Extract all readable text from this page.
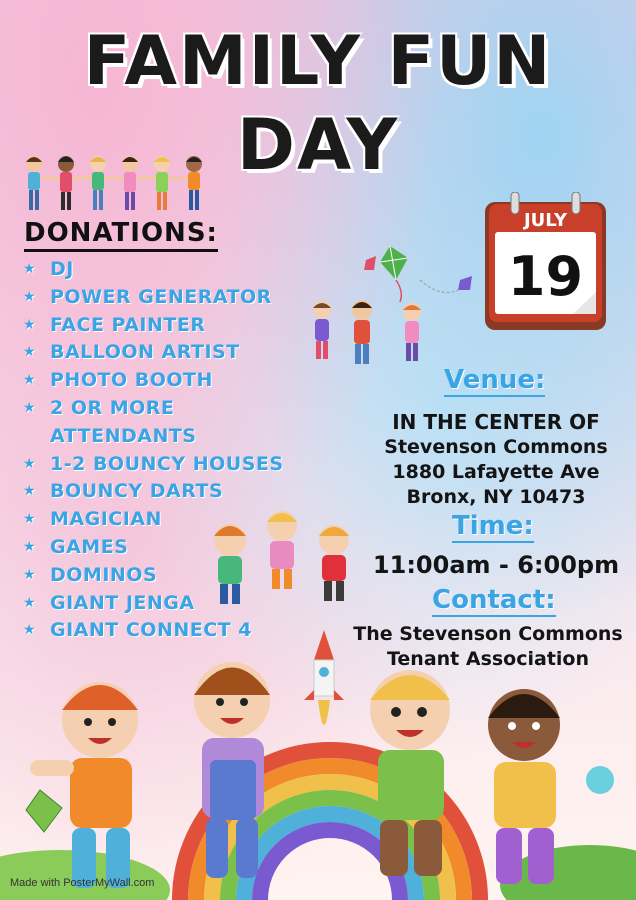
FAMILY FUN
DAY
DONATIONS:
★ DJ
★ POWER GENERATOR
★ FACE PAINTER
★ BALLOON ARTIST
★ PHOTO BOOTH
★ 2 OR MORE
ATTENDANTS
★ 1-2 BOUNCY HOUSES
★ BOUNCY DARTS
★ MAGICIAN
★ GAMES
★ DOMINOS
★ GIANT JENGA
★ GIANT CONNECT 4
JULY
19
Venue:
IN THE CENTER OF
Stevenson Commons
1880 Lafayette Ave
Bronx, NY 10473
Time:
11:00am - 6:00pm
Contact:
The Stevenson Commons
Tenant Association
Made with PosterMyWall.com
